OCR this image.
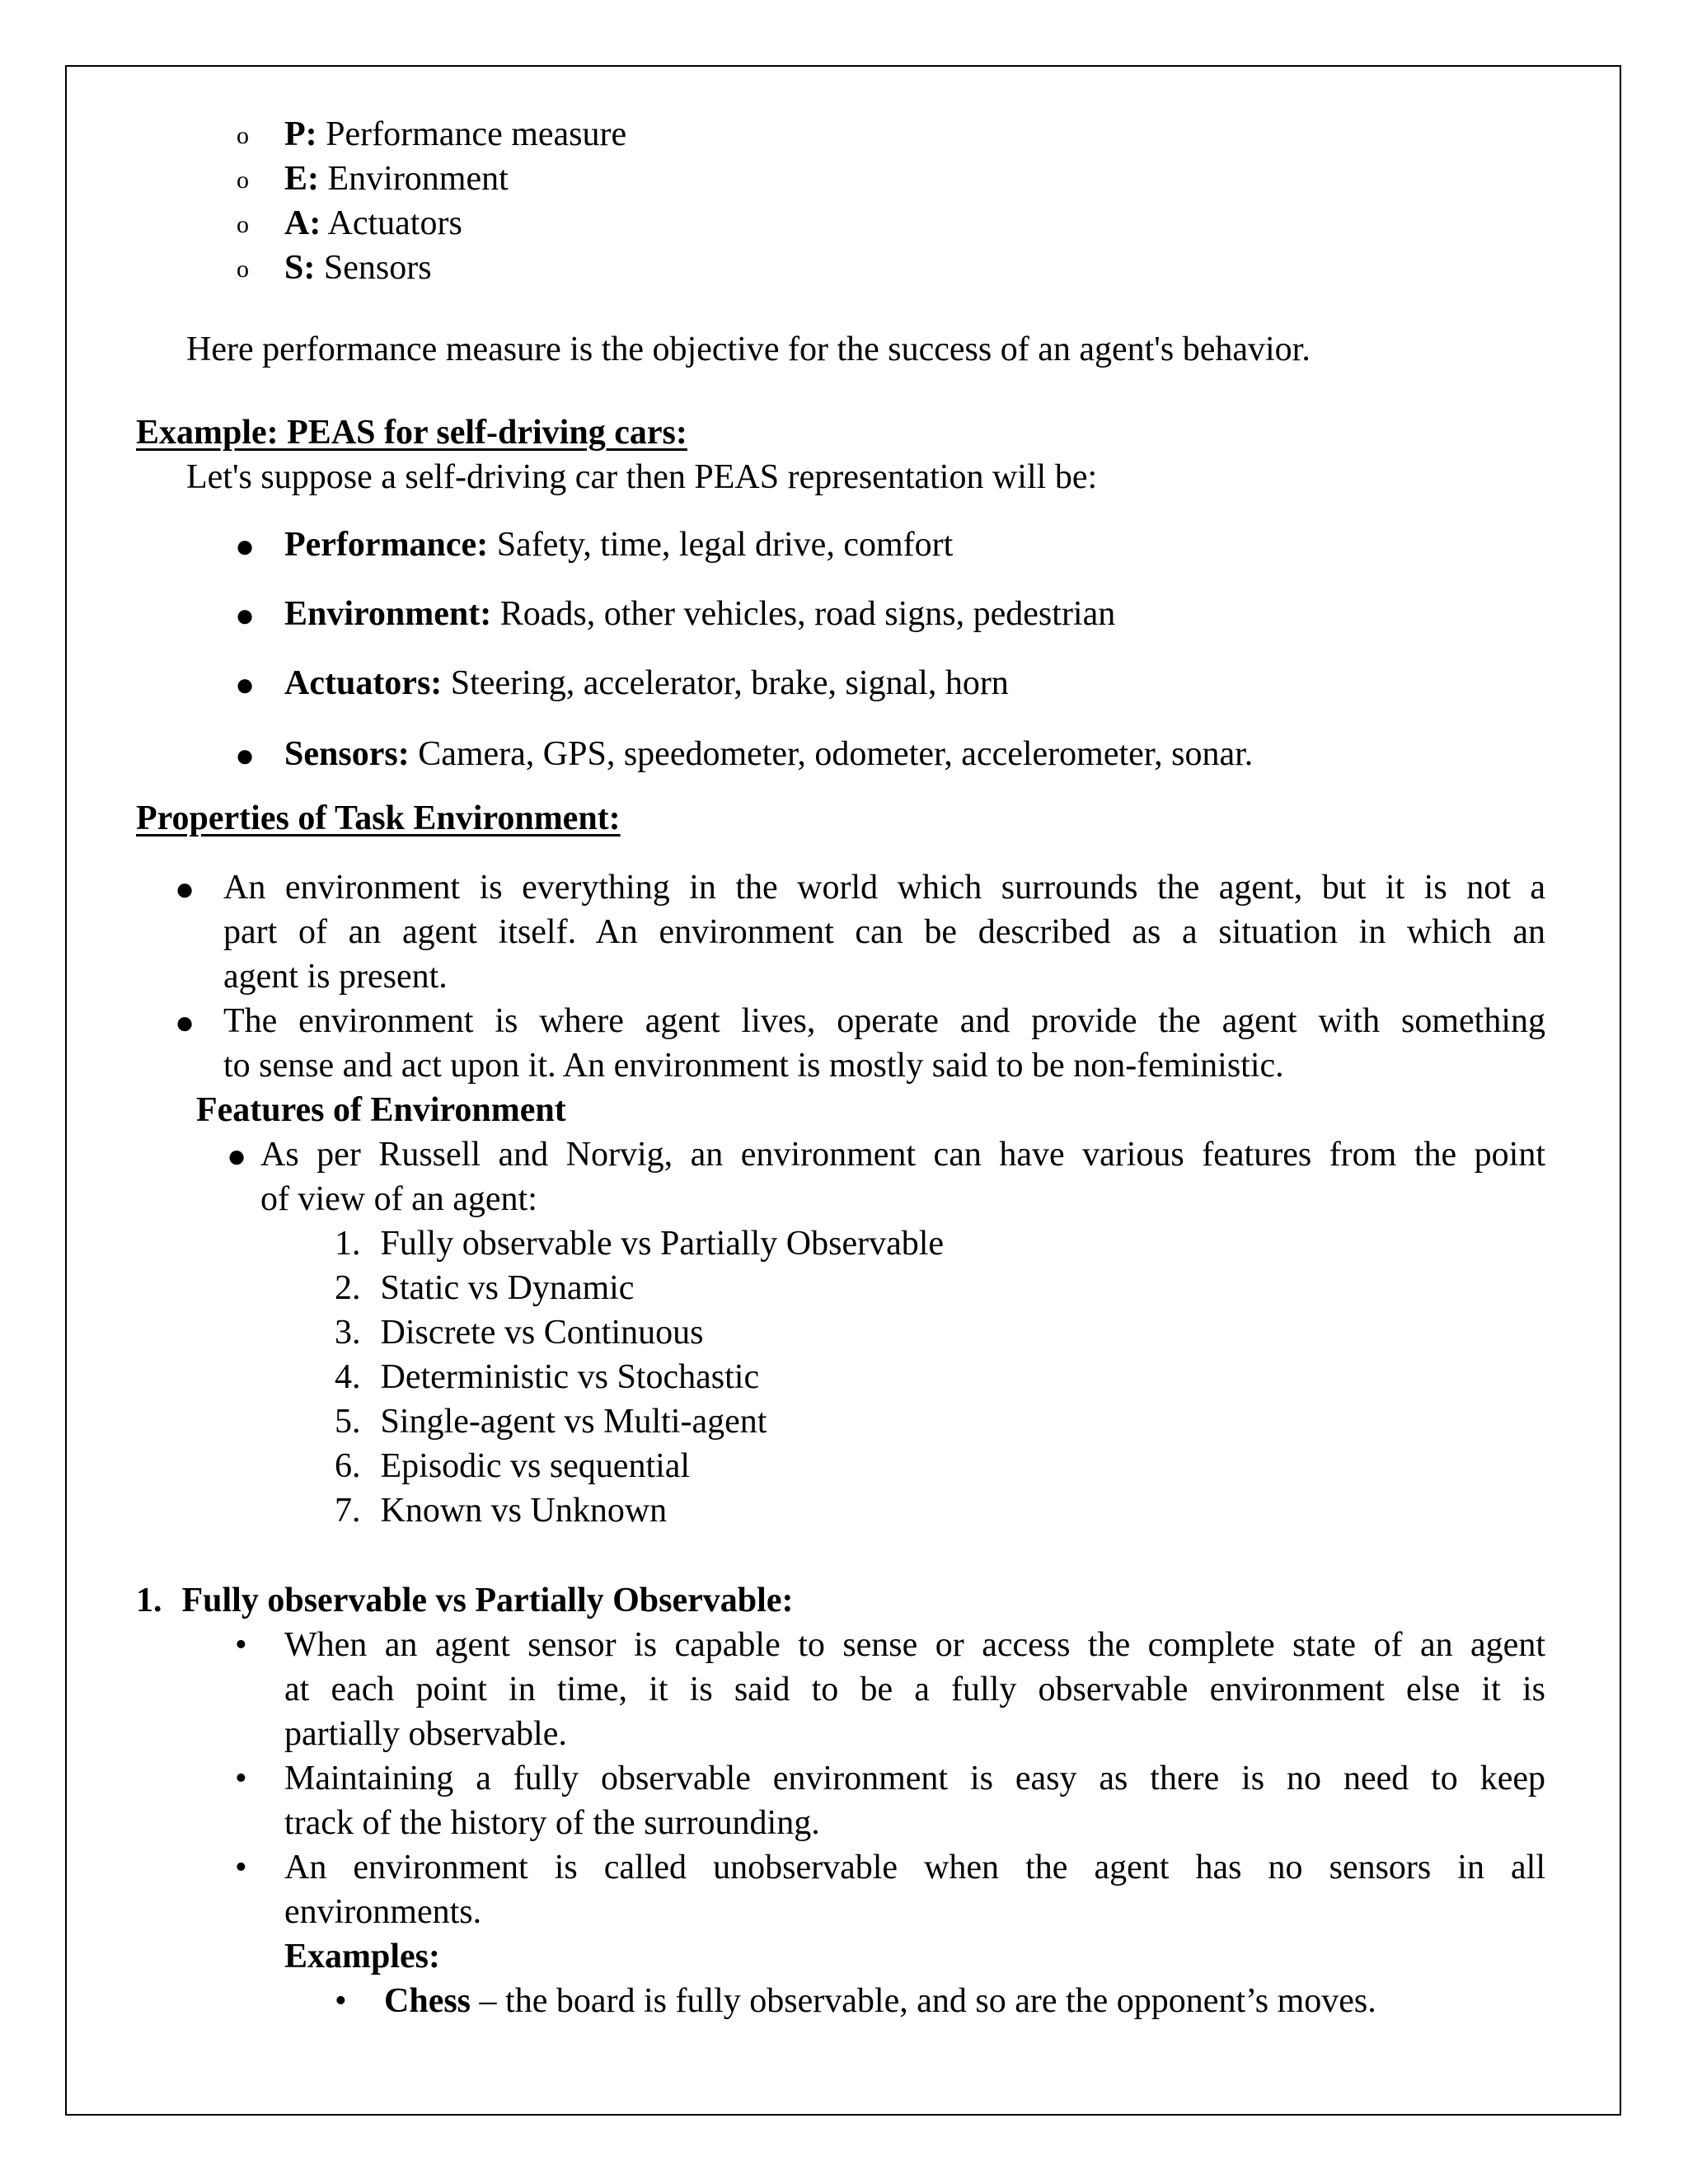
o P: Performance measure
o E: Environment
o A: Actuators
o S: Sensors
Here performance measure is the objective for the success of an agent's behavior.
Example: PEAS for self-driving cars:
Let's suppose a self-driving car then PEAS representation will be:
● Performance: Safety, time, legal drive, comfort
● Environment: Roads, other vehicles, road signs, pedestrian
● Actuators: Steering, accelerator, brake, signal, horn
● Sensors: Camera, GPS, speedometer, odometer, accelerometer, sonar.
Properties of Task Environment:
● An environment is everything in the world which surrounds the agent, but it is not a
part of an agent itself. An environment can be described as a situation in which an
agent is present.
● The environment is where agent lives, operate and provide the agent with something
to sense and act upon it. An environment is mostly said to be non-feministic.
Features of Environment
● As per Russell and Norvig, an environment can have various features from the point
of view of an agent:
1. Fully observable vs Partially Observable
2. Static vs Dynamic
3. Discrete vs Continuous
4. Deterministic vs Stochastic
5. Single-agent vs Multi-agent
6. Episodic vs sequential
7. Known vs Unknown
1. Fully observable vs Partially Observable:
• When an agent sensor is capable to sense or access the complete state of an agent
at each point in time, it is said to be a fully observable environment else it is
partially observable.
• Maintaining a fully observable environment is easy as there is no need to keep
track of the history of the surrounding.
• An environment is called unobservable when the agent has no sensors in all
environments.
Examples:
• Chess – the board is fully observable, and so are the opponent’s moves.
